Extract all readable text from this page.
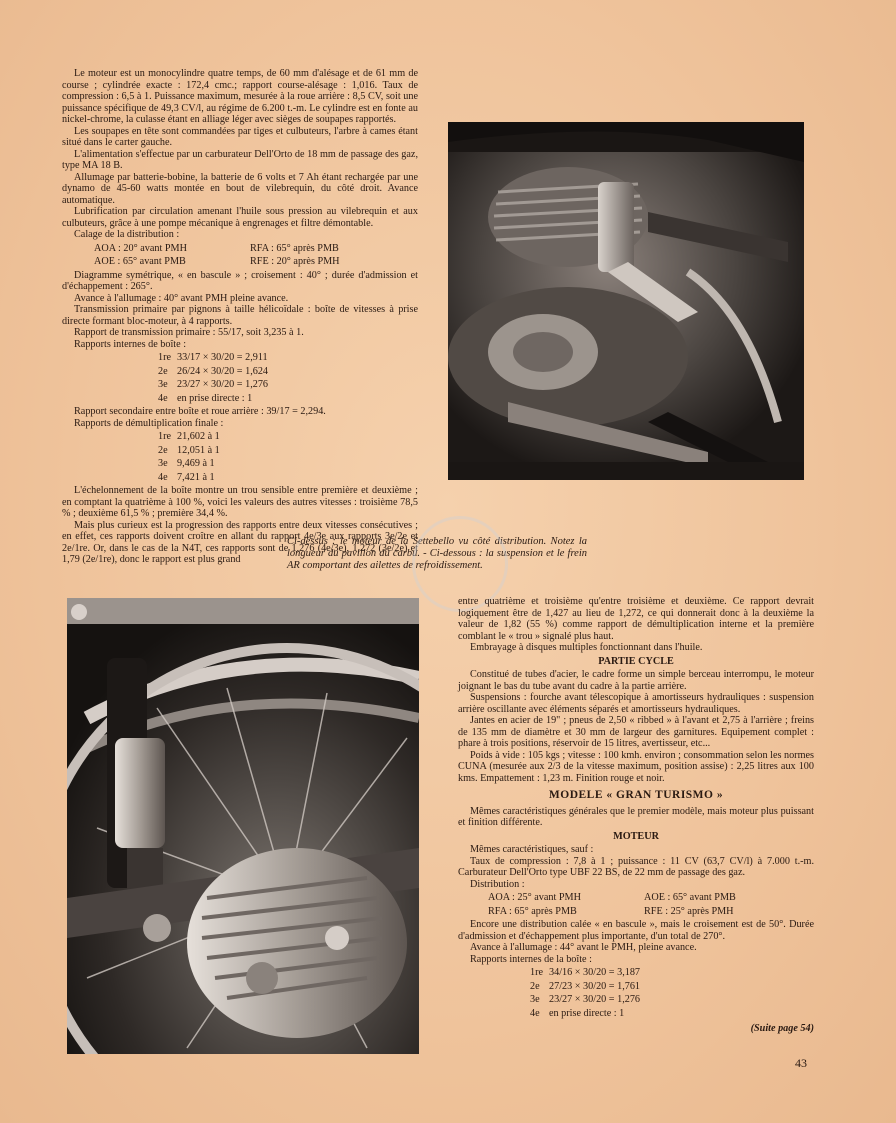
Le moteur est un monocylindre quatre temps, de 60 mm d'alésage et de 61 mm de course ; cylindrée exacte : 172,4 cmc.; rapport course-alésage : 1,016. Taux de compression : 6,5 à 1. Puissance maximum, mesurée à la roue arrière : 8,5 CV, soit une puissance spécifique de 49,3 CV/l, au régime de 6.200 t.-m. Le cylindre est en fonte au nickel-chrome, la culasse étant en alliage léger avec sièges de soupapes rapportés.

Les soupapes en tête sont commandées par tiges et culbuteurs, l'arbre à cames étant situé dans le carter gauche.

L'alimentation s'effectue par un carburateur Dell'Orto de 18 mm de passage des gaz, type MA 18 B.

Allumage par batterie-bobine, la batterie de 6 volts et 7 Ah étant rechargée par une dynamo de 45-60 watts montée en bout de vilebrequin, du côté droit. Avance automatique.

Lubrification par circulation amenant l'huile sous pression au vilebrequin et aux culbuteurs, grâce à une pompe mécanique à engrenages et filtre démontable.

Calage de la distribution :

AOA : 20° avant PMH	RFA : 65° après PMB
AOE : 65° avant PMB	RFE : 20° après PMH

Diagramme symétrique, « en bascule » ; croisement : 40° ; durée d'admission et d'échappement : 265°.

Avance à l'allumage : 40° avant PMH pleine avance.

Transmission primaire par pignons à taille hélicoïdale : boîte de vitesses à prise directe formant bloc-moteur, à 4 rapports.

Rapport de transmission primaire : 55/17, soit 3,235 à 1.

Rapports internes de boîte :

1re	33/17 × 30/20 = 2,911
2e	26/24 × 30/20 = 1,624
3e	23/27 × 30/20 = 1,276
4e	en prise directe : 1

Rapport secondaire entre boîte et roue arrière : 39/17 = 2,294.

Rapports de démultiplication finale :

1re	21,602 à 1
2e	12,051 à 1
3e	9,469 à 1
4e	7,421 à 1

L'échelonnement de la boîte montre un trou sensible entre première et deuxième ; en comptant la quatrième à 100 %, voici les valeurs des autres vitesses : troisième 78,5 % ; deuxième 61,5 % ; première 34,4 %.

Mais plus curieux est la progression des rapports entre deux vitesses consécutives ; en effet, ces rapports doivent croître en allant du rapport 4e/3e aux rapports 3e/2e et 2e/1re. Or, dans le cas de la N4T, ces rapports sont de 1,276 (4e/3e), 1,272 (3e/2e) et 1,79 (2e/1re), donc le rapport est plus grand

Ci-dessus : le moteur de la Settebello vu côté distribution. Notez la longueur du pavillon du carbu. - Ci-dessous : la suspension et le frein AR comportant des ailettes de refroidissement.

entre quatrième et troisième qu'entre troisième et deuxième. Ce rapport devrait logiquement être de 1,427 au lieu de 1,272, ce qui donnerait donc à la deuxième la valeur de 1,82 (55 %) comme rapport de démultiplication interne et la première comblant le « trou » signalé plus haut.

Embrayage à disques multiples fonctionnant dans l'huile.

PARTIE CYCLE

Constitué de tubes d'acier, le cadre forme un simple berceau interrompu, le moteur joignant le bas du tube avant du cadre à la partie arrière.

Suspensions : fourche avant télescopique à amortisseurs hydrauliques : suspension arrière oscillante avec éléments séparés et amortisseurs hydrauliques.

Jantes en acier de 19" ; pneus de 2,50 « ribbed » à l'avant et 2,75 à l'arrière ; freins de 135 mm de diamètre et 30 mm de largeur des garnitures. Equipement complet : phare à trois positions, réservoir de 15 litres, avertisseur, etc...

Poids à vide : 105 kgs ; vitesse : 100 kmh. environ ; consommation selon les normes CUNA (mesurée aux 2/3 de la vitesse maximum, position assise) : 2,25 litres aux 100 kms. Empattement : 1,23 m. Finition rouge et noir.

MODELE « GRAN TURISMO »

Mêmes caractéristiques générales que le premier modèle, mais moteur plus puissant et finition différente.

MOTEUR

Mêmes caractéristiques, sauf :

Taux de compression : 7,8 à 1 ; puissance : 11 CV (63,7 CV/l) à 7.000 t.-m. Carburateur Dell'Orto type UBF 22 BS, de 22 mm de passage des gaz.

Distribution :

AOA : 25° avant PMH	AOE : 65° avant PMB
RFA : 65° après PMB	RFE : 25° après PMH

Encore une distribution calée « en bascule », mais le croisement est de 50°. Durée d'admission et d'échappement plus importante, d'un total de 270°.

Avance à l'allumage : 44° avant le PMH, pleine avance.

Rapports internes de la boîte :

1re	34/16 × 30/20 = 3,187
2e	27/23 × 30/20 = 1,761
3e	23/27 × 30/20 = 1,276
4e	en prise directe : 1
(Suite page 54)
43
